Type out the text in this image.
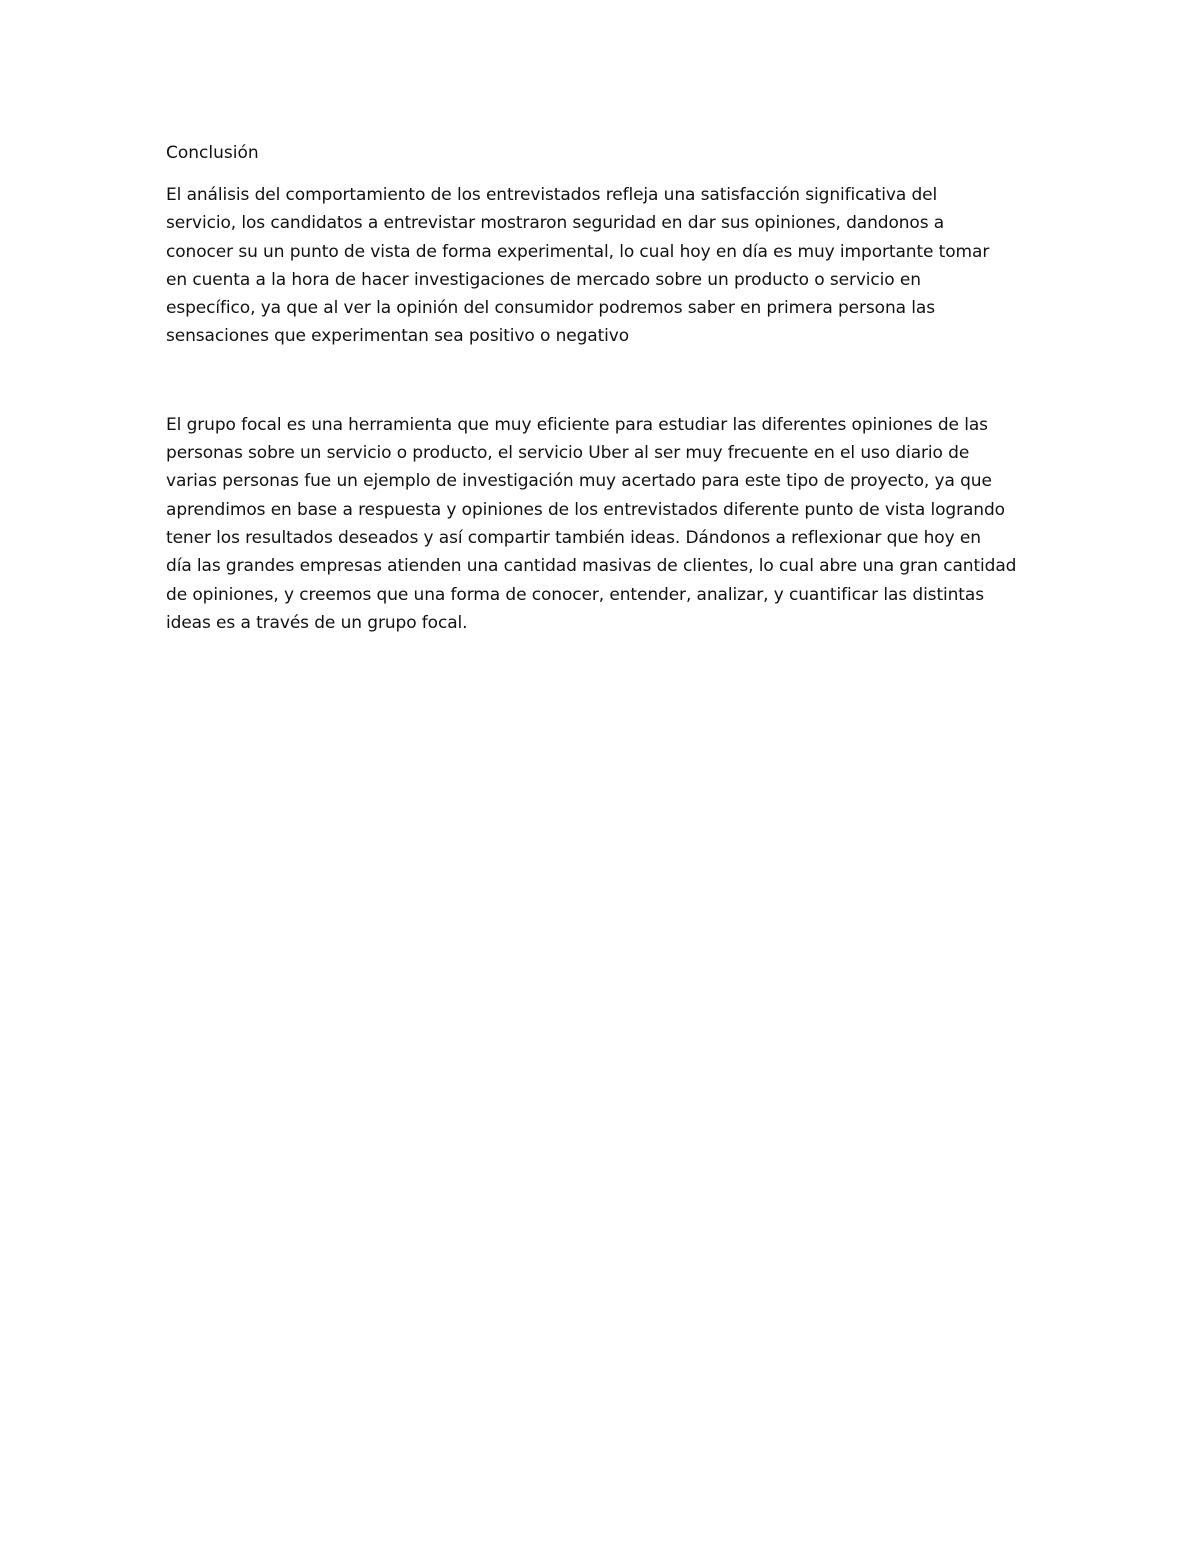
Conclusión

El análisis del comportamiento de los entrevistados refleja una satisfacción significativa del
servicio, los candidatos a entrevistar mostraron seguridad en dar sus opiniones, dandonos a
conocer su un punto de vista de forma experimental, lo cual hoy en día es muy importante tomar
en cuenta a la hora de hacer investigaciones de mercado sobre un producto o servicio en
específico, ya que al ver la opinión del consumidor podremos saber en primera persona las
sensaciones que experimentan sea positivo o negativo

El grupo focal es una herramienta que muy eficiente para estudiar las diferentes opiniones de las
personas sobre un servicio o producto, el servicio Uber al ser muy frecuente en el uso diario de
varias personas fue un ejemplo de investigación muy acertado para este tipo de proyecto, ya que
aprendimos en base a respuesta y opiniones de los entrevistados diferente punto de vista logrando
tener los resultados deseados y así compartir también ideas. Dándonos a reflexionar que hoy en
día las grandes empresas atienden una cantidad masivas de clientes, lo cual abre una gran cantidad
de opiniones, y creemos que una forma de conocer, entender, analizar, y cuantificar las distintas
ideas es a través de un grupo focal.
